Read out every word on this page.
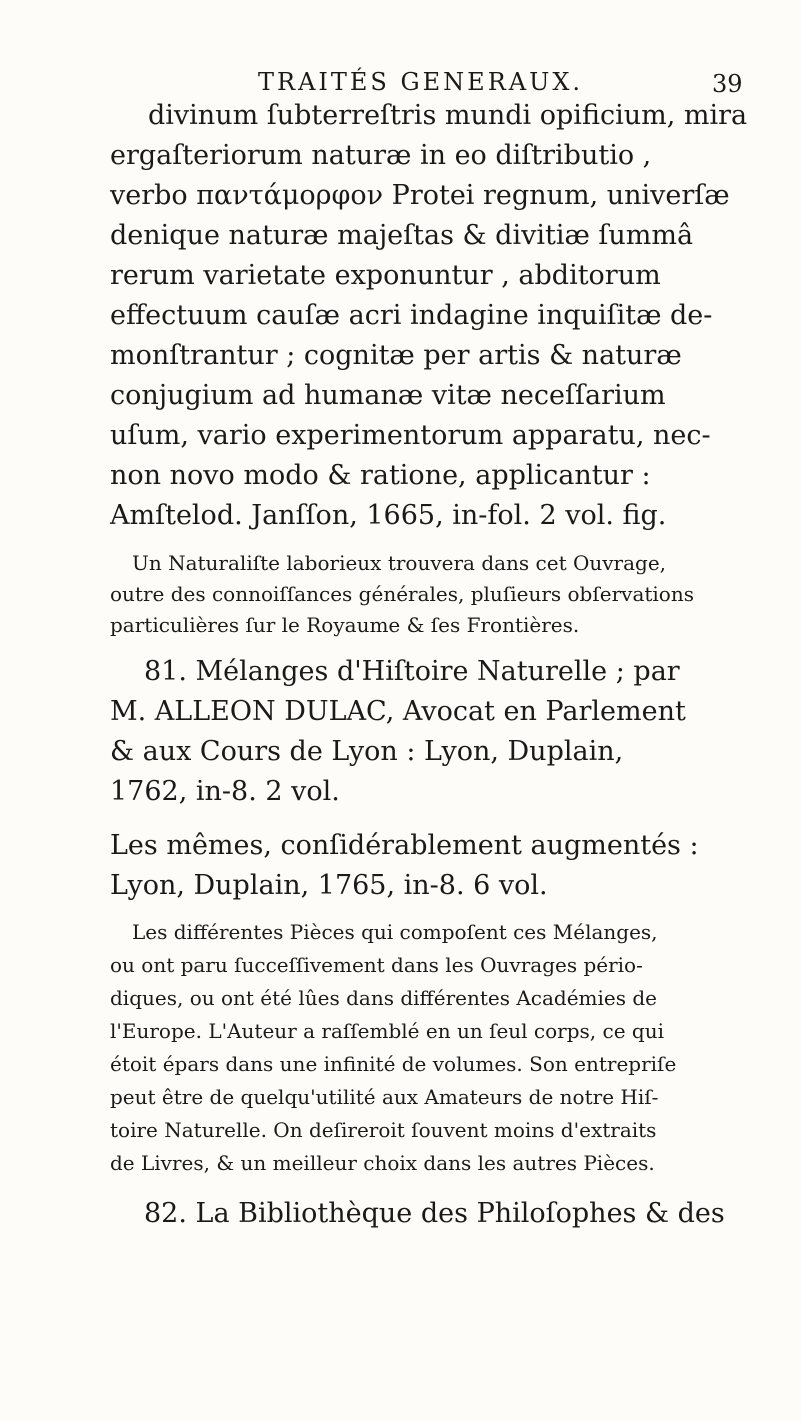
TRAITÉS GENERAUX.	39
divinum ſubterreſtris mundi opificium, mira
ergaſteriorum naturæ in eo diſtributio ,
verbo παντάμορφον Protei regnum, univerſæ
denique naturæ majeſtas & divitiæ ſummâ
rerum varietate exponuntur , abditorum
effectuum cauſæ acri indagine inquiſitæ de-
monſtrantur ; cognitæ per artis & naturæ
conjugium ad humanæ vitæ neceſſarium
uſum, vario experimentorum apparatu, nec-
non novo modo & ratione, applicantur :
Amſtelod. Janſſon, 1665, in-fol. 2 vol. fig.
Un Naturaliſte laborieux trouvera dans cet Ouvrage,
outre des connoiſſances générales, pluſieurs obſervations
particulières ſur le Royaume & ſes Frontières.
81. Mélanges d'Hiſtoire Naturelle ; par
M. ALLEON DULAC, Avocat en Parlement
& aux Cours de Lyon : Lyon, Duplain,
1762, in-8. 2 vol.
Les mêmes, conſidérablement augmentés :
Lyon, Duplain, 1765, in-8. 6 vol.
Les différentes Pièces qui compoſent ces Mélanges,
ou ont paru ſucceſſivement dans les Ouvrages pério-
diques, ou ont été lûes dans différentes Académies de
l'Europe. L'Auteur a raſſemblé en un ſeul corps, ce qui
étoit épars dans une infinité de volumes. Son entrepriſe
peut être de quelqu'utilité aux Amateurs de notre Hiſ-
toire Naturelle. On deſireroit ſouvent moins d'extraits
de Livres, & un meilleur choix dans les autres Pièces.
82. La Bibliothèque des Philoſophes & des
